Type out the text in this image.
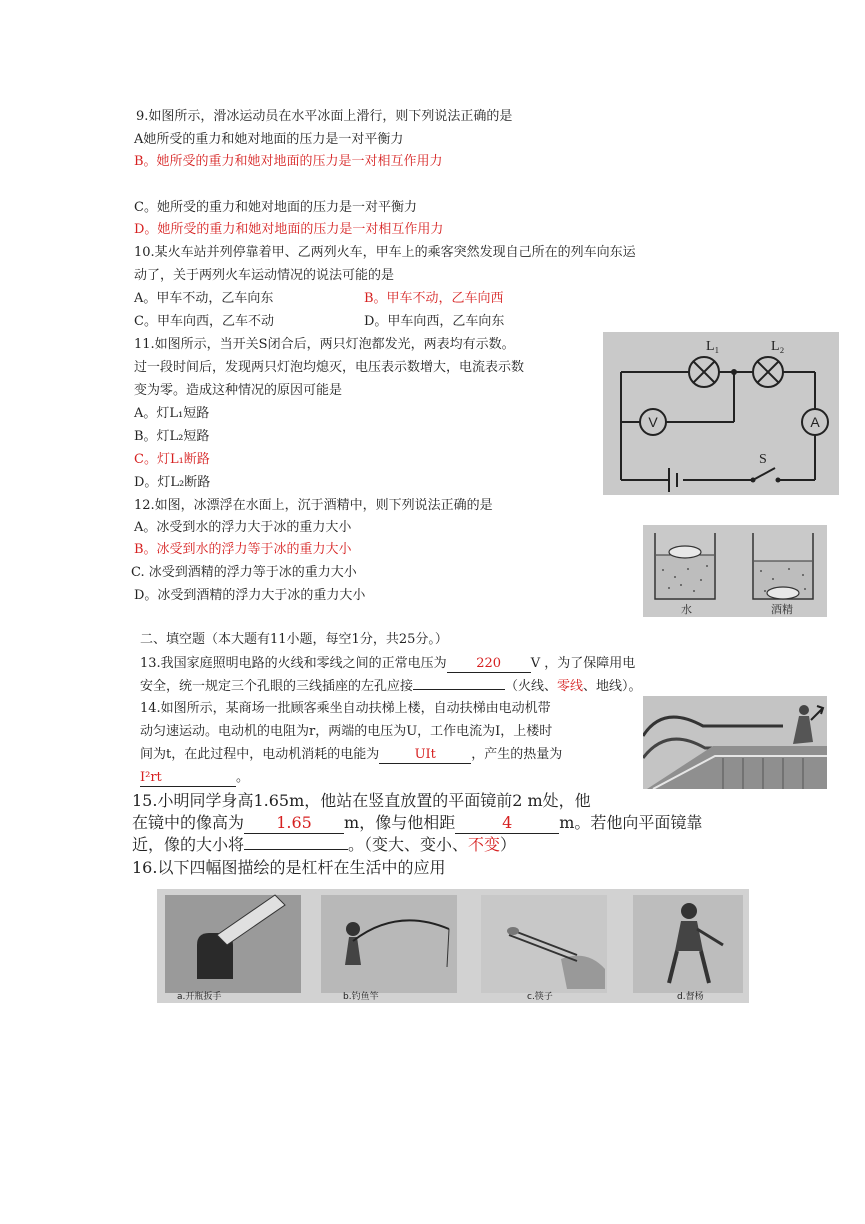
9.如图所示，滑冰运动员在水平冰面上滑行，则下列说法正确的是
A她所受的重力和她对地面的压力是一对平衡力
B。她所受的重力和她对地面的压力是一对相互作用力
C。她所受的重力和她对地面的压力是一对平衡力
D。她所受的重力和她对地面的压力是一对相互作用力
10.某火车站并列停靠着甲、乙两列火车，甲车上的乘客突然发现自己所在的列车向东运
动了，关于两列火车运动情况的说法可能的是
A。甲车不动，乙车向东	B。甲车不动，乙车向西
C。甲车向西，乙车不动	D。甲车向西，乙车向东
11.如图所示，当开关S闭合后，两只灯泡都发光，两表均有示数。
过一段时间后，发现两只灯泡均熄灭，电压表示数增大，电流表示数
变为零。造成这种情况的原因可能是
A。灯L₁短路
B。灯L₂短路
C。灯L₁断路
D。灯L₂断路
V	A
L₁	L₂
S
12.如图，冰漂浮在水面上，沉于酒精中，则下列说法正确的是
A。冰受到水的浮力大于冰的重力大小
B。冰受到水的浮力等于冰的重力大小
C. 冰受到酒精的浮力等于冰的重力大小
D。冰受到酒精的浮力大于冰的重力大小
水	酒精
二、填空题（本大题有11小题，每空1分，共25分。）
13.我国家庭照明电路的火线和零线之间的正常电压为 220 V ，为了保障用电
安全，统一规定三个孔眼的三线插座的左孔应接	（火线、零线、地线）。
14.如图所示，某商场一批顾客乘坐自动扶梯上楼，自动扶梯由电动机带
动匀速运动。电动机的电阻为r，两端的电压为U，工作电流为I，上楼时
间为t，在此过程中，电动机消耗的电能为	UIt	，产生的热量为
I²rt	。
15.小明同学身高1.65m，他站在竖直放置的平面镜前2 m处，他
在镜中的像高为 1.65 m，像与他相距	4	m。若他向平面镜靠
近，像的大小将	。（变大、变小、不变）
16.以下四幅图描绘的是杠杆在生活中的应用
a.开瓶扳手	b.钓鱼竿	c.筷子	d.督杨
